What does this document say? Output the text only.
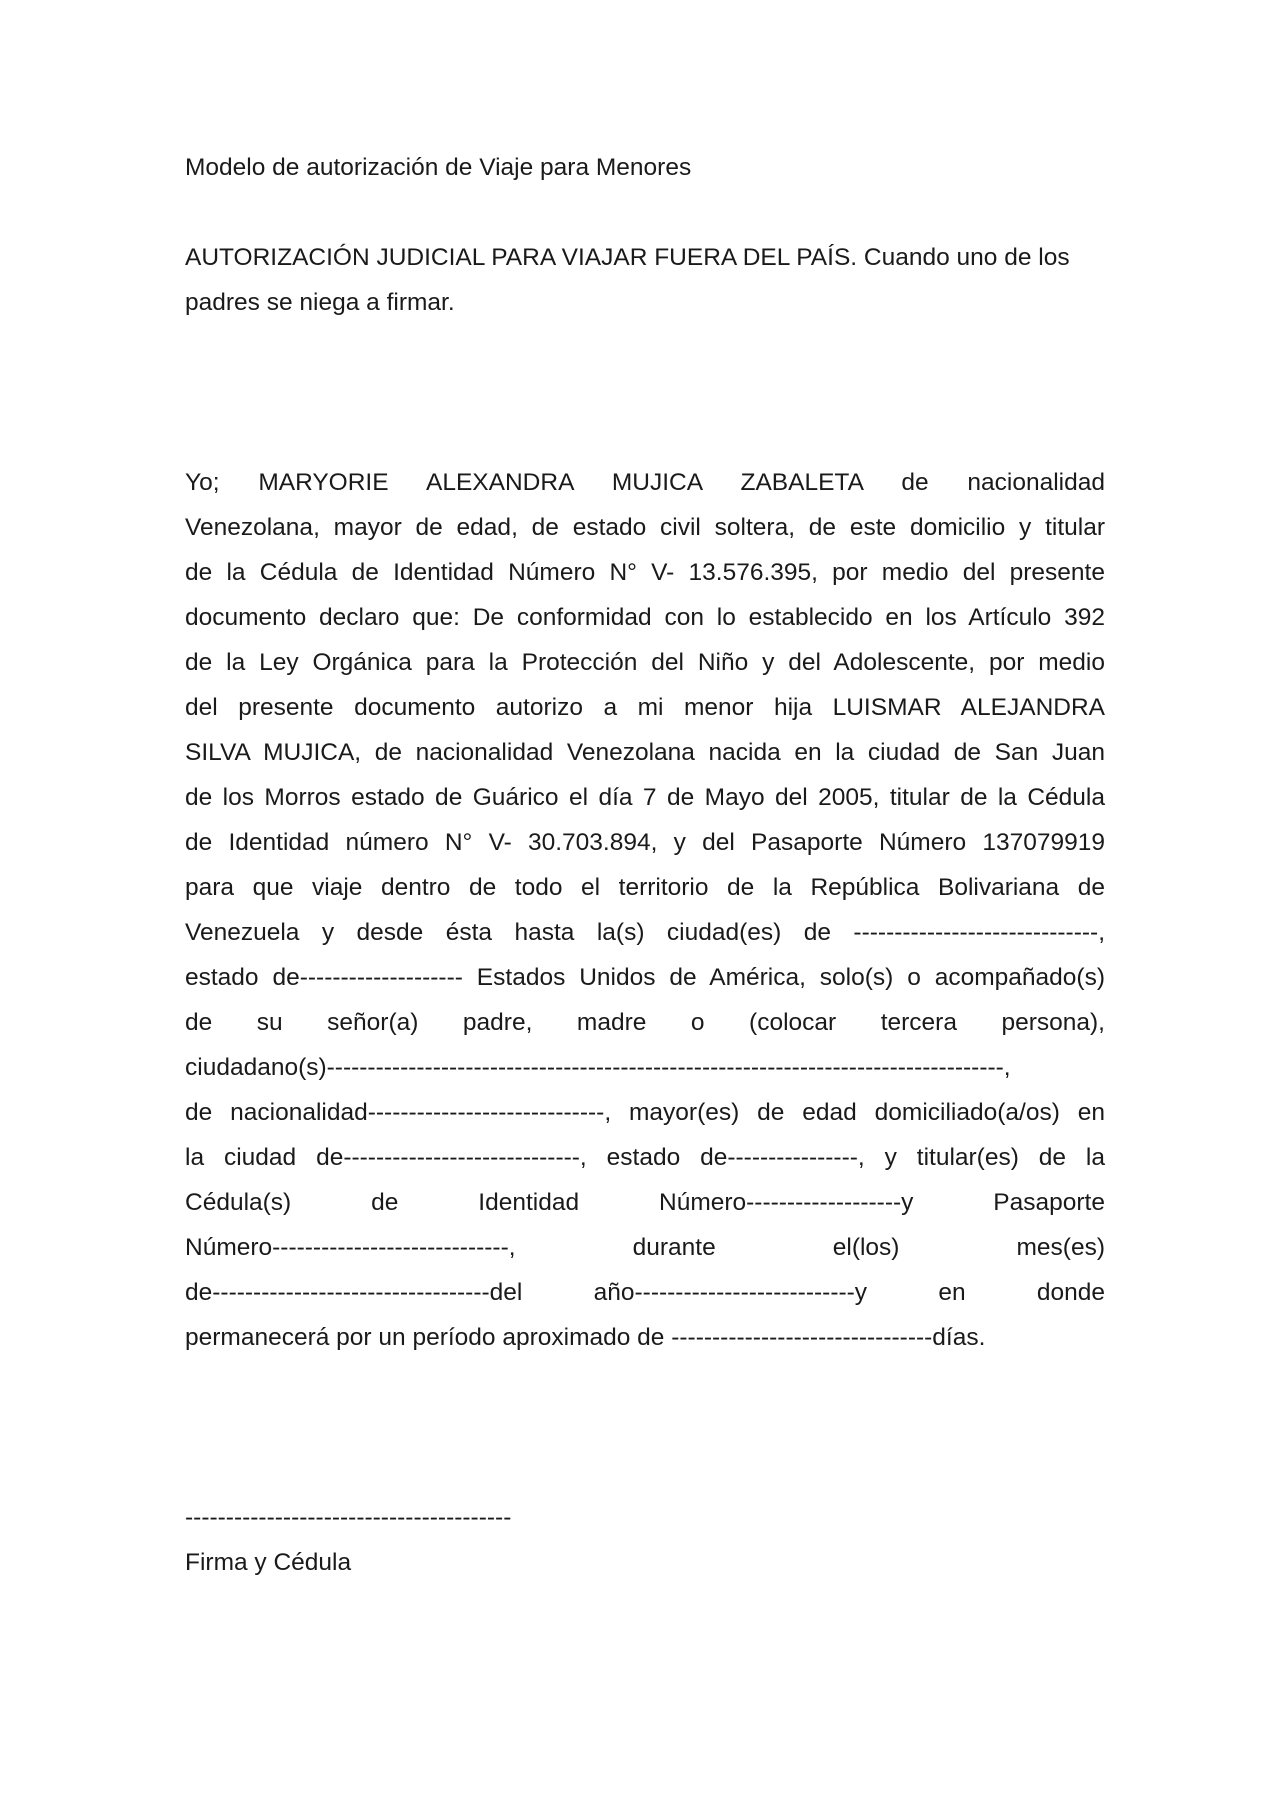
Modelo de autorización de Viaje para Menores

AUTORIZACIÓN JUDICIAL PARA VIAJAR FUERA DEL PAÍS. Cuando uno de los padres se niega a firmar.

Yo; MARYORIE ALEXANDRA MUJICA ZABALETA de nacionalidad
Venezolana, mayor de edad, de estado civil soltera, de este domicilio y titular
de la Cédula de Identidad Número N° V- 13.576.395, por medio del presente
documento declaro que: De conformidad con lo establecido en los Artículo 392
de la Ley Orgánica para la Protección del Niño y del Adolescente, por medio
del presente documento autorizo a mi menor hija LUISMAR ALEJANDRA
SILVA MUJICA, de nacionalidad Venezolana nacida en la ciudad de San Juan
de los Morros estado de Guárico el día 7 de Mayo del 2005, titular de la Cédula
de Identidad número N° V- 30.703.894, y del Pasaporte Número 137079919
para que viaje dentro de todo el territorio de la República Bolivariana de
Venezuela y desde ésta hasta la(s) ciudad(es) de ------------------------------,
estado de-------------------- Estados Unidos de América, solo(s) o acompañado(s)
de su señor(a) padre, madre o (colocar tercera persona),
ciudadano(s)-----------------------------------------------------------------------------------,
de nacionalidad-----------------------------, mayor(es) de edad domiciliado(a/os) en
la ciudad de-----------------------------, estado de----------------, y titular(es) de la
Cédula(s) de Identidad Número-------------------y Pasaporte
Número-----------------------------, durante el(los) mes(es)
de----------------------------------del año---------------------------y en donde
permanecerá por un período aproximado de --------------------------------días.
----------------------------------------
Firma y Cédula
